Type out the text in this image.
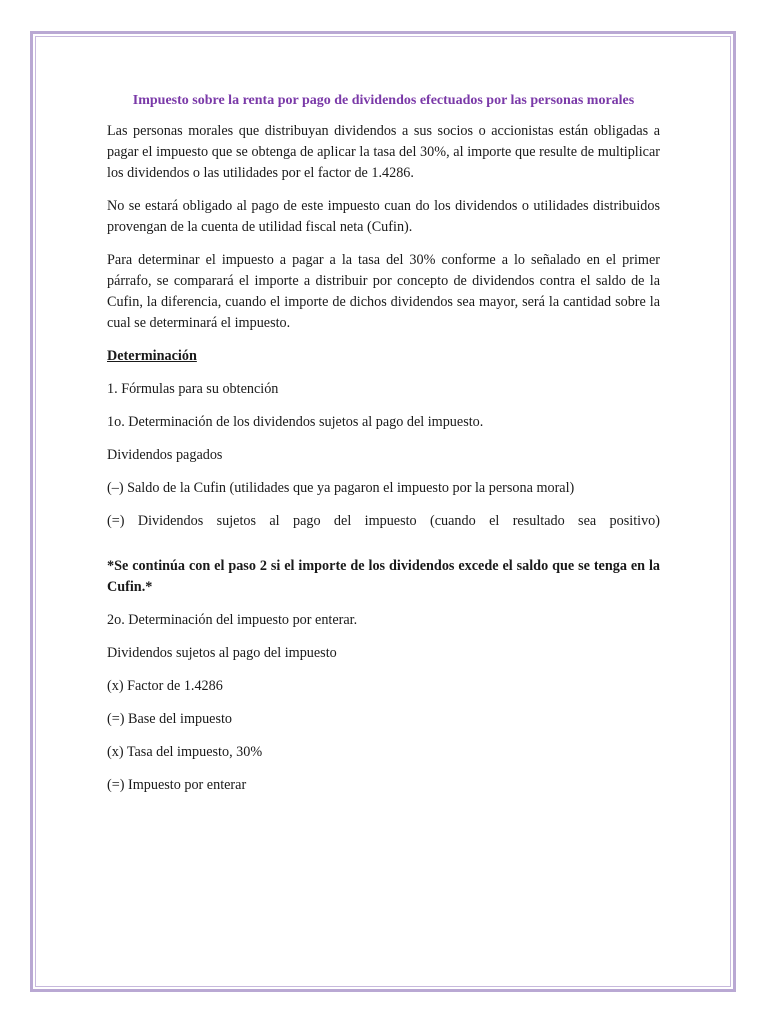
Impuesto sobre la renta por pago de dividendos efectuados por las personas morales

Las personas morales que distribuyan dividendos a sus socios o accionistas están obligadas a pagar el impuesto que se obtenga de aplicar la tasa del 30%, al importe que resulte de multiplicar los dividendos o las utilidades por el factor de 1.4286.

No se estará obligado al pago de este impuesto cuan do los dividendos o utilidades distribuidos provengan de la cuenta de utilidad fiscal neta (Cufin).

Para determinar el impuesto a pagar a la tasa del 30% conforme a lo señalado en el primer párrafo, se comparará el importe a distribuir por concepto de dividendos contra el saldo de la Cufin, la diferencia, cuando el importe de dichos dividendos sea mayor, será la cantidad sobre la cual se determinará el impuesto.

Determinación
1. Fórmulas para su obtención
1o. Determinación de los dividendos sujetos al pago del impuesto.
Dividendos pagados
(–) Saldo de la Cufin (utilidades que ya pagaron el impuesto por la persona moral)
(=) Dividendos sujetos al pago del impuesto (cuando el resultado sea positivo)

*Se continúa con el paso 2 si el importe de los dividendos excede el saldo que se tenga en la Cufin.*

2o. Determinación del impuesto por enterar.
Dividendos sujetos al pago del impuesto
(x) Factor de 1.4286
(=) Base del impuesto
(x) Tasa del impuesto, 30%
(=) Impuesto por enterar
